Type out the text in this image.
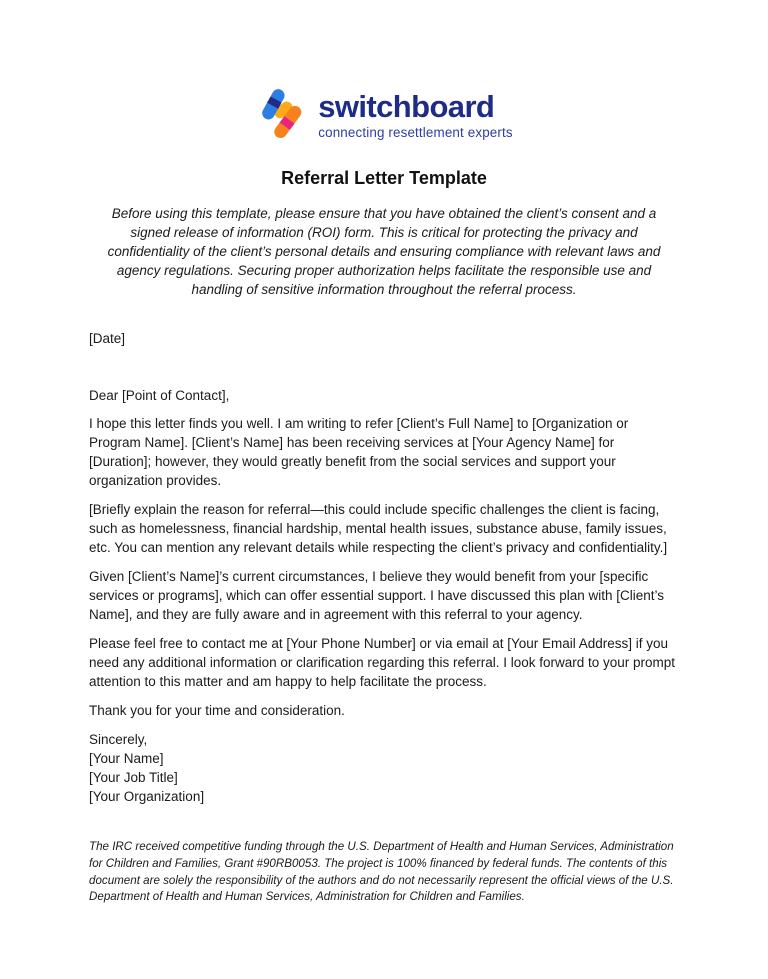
switchboard
connecting resettlement experts
Referral Letter Template

Before using this template, please ensure that you have obtained the client’s consent and a signed release of information (ROI) form. This is critical for protecting the privacy and confidentiality of the client’s personal details and ensuring compliance with relevant laws and agency regulations. Securing proper authorization helps facilitate the responsible use and handling of sensitive information throughout the referral process.

[Date]

Dear [Point of Contact],

I hope this letter finds you well. I am writing to refer [Client’s Full Name] to [Organization or Program Name]. [Client’s Name] has been receiving services at [Your Agency Name] for [Duration]; however, they would greatly benefit from the social services and support your organization provides.

[Briefly explain the reason for referral—this could include specific challenges the client is facing, such as homelessness, financial hardship, mental health issues, substance abuse, family issues, etc. You can mention any relevant details while respecting the client’s privacy and confidentiality.]

Given [Client’s Name]’s current circumstances, I believe they would benefit from your [specific services or programs], which can offer essential support. I have discussed this plan with [Client’s Name], and they are fully aware and in agreement with this referral to your agency.

Please feel free to contact me at [Your Phone Number] or via email at [Your Email Address] if you need any additional information or clarification regarding this referral. I look forward to your prompt attention to this matter and am happy to help facilitate the process.

Thank you for your time and consideration.

Sincerely,
[Your Name]
[Your Job Title]
[Your Organization]

The IRC received competitive funding through the U.S. Department of Health and Human Services, Administration for Children and Families, Grant #90RB0053. The project is 100% financed by federal funds. The contents of this document are solely the responsibility of the authors and do not necessarily represent the official views of the U.S. Department of Health and Human Services, Administration for Children and Families.
